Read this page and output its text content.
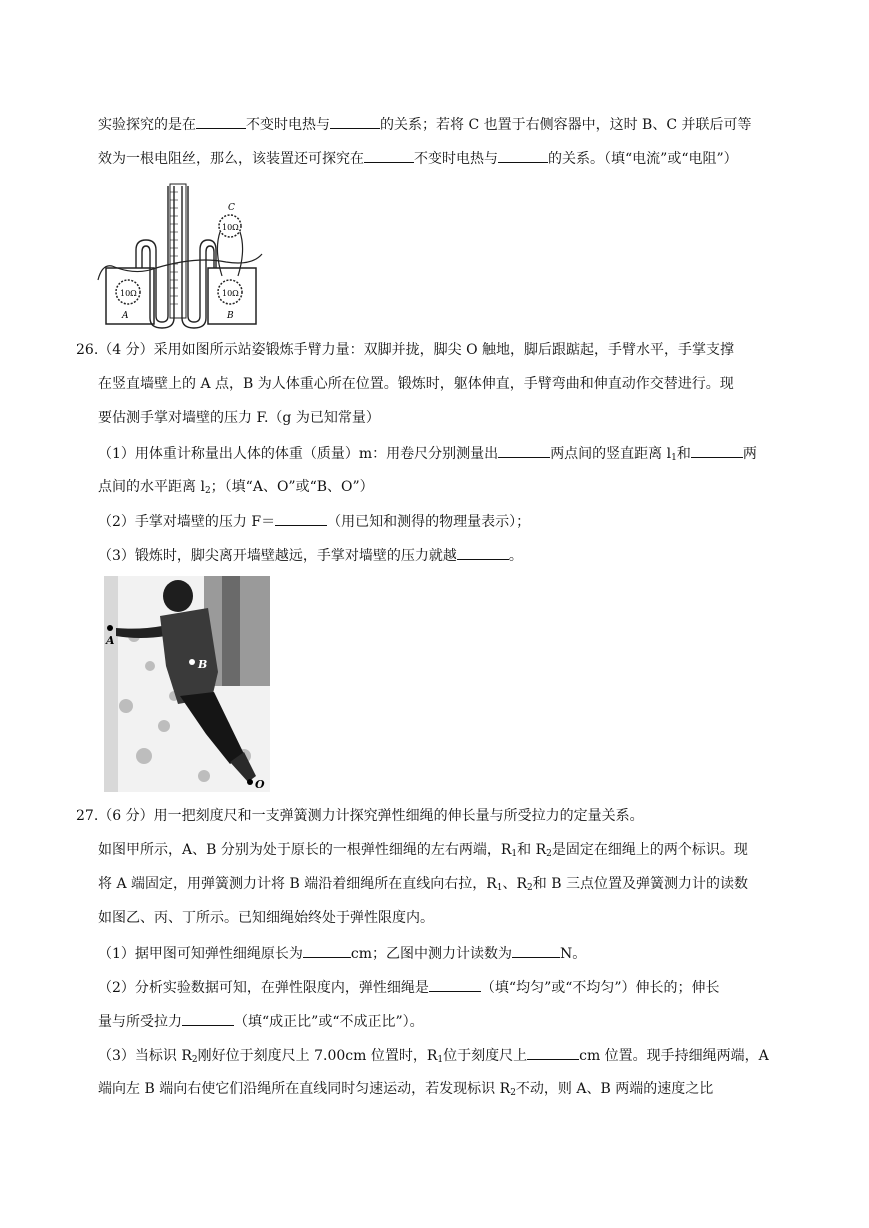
实验探究的是在	不变时电热与	的关系；若将 C 也置于右侧容器中，这时 B、C 并联后可等
效为一根电阻丝，那么，该装置还可探究在	不变时电热与	的关系。（填“电流”或“电阻”）
10Ω
A
10Ω
B
10Ω
C
26.（4 分）采用如图所示站姿锻炼手臂力量：双脚并拢，脚尖 O 触地，脚后跟踮起，手臂水平，手掌支撑
在竖直墙壁上的 A 点，B 为人体重心所在位置。锻炼时，躯体伸直，手臂弯曲和伸直动作交替进行。现
要估测手掌对墙壁的压力 F.（g 为已知常量）
（1）用体重计称量出人体的体重（质量）m：用卷尺分别测量出	两点间的竖直距离 $l_1$和	两
点间的水平距离 $l_2$；（填“A、O”或“B、O”）
（2）手掌对墙壁的压力 F＝	（用已知和测得的物理量表示）；
（3）锻炼时，脚尖离开墙壁越远，手掌对墙壁的压力就越	。
A
B
O
27.（6 分）用一把刻度尺和一支弹簧测力计探究弹性细绳的伸长量与所受拉力的定量关系。
如图甲所示，A、B 分别为处于原长的一根弹性细绳的左右两端，$R_1$和 $R_2$是固定在细绳上的两个标识。现
将 A 端固定，用弹簧测力计将 B 端沿着细绳所在直线向右拉，$R_1$、$R_2$和 B 三点位置及弹簧测力计的读数
如图乙、丙、丁所示。已知细绳始终处于弹性限度内。
（1）据甲图可知弹性细绳原长为	cm；乙图中测力计读数为	N。
（2）分析实验数据可知，在弹性限度内，弹性细绳是	（填“均匀”或“不均匀”）伸长的；伸长
量与所受拉力	（填“成正比”或“不成正比”）。
（3）当标识 $R_2$刚好位于刻度尺上 7.00cm 位置时，$R_1$位于刻度尺上	cm 位置。现手持细绳两端，A
端向左 B 端向右使它们沿绳所在直线同时匀速运动，若发现标识 $R_2$不动，则 A、B 两端的速度之比
